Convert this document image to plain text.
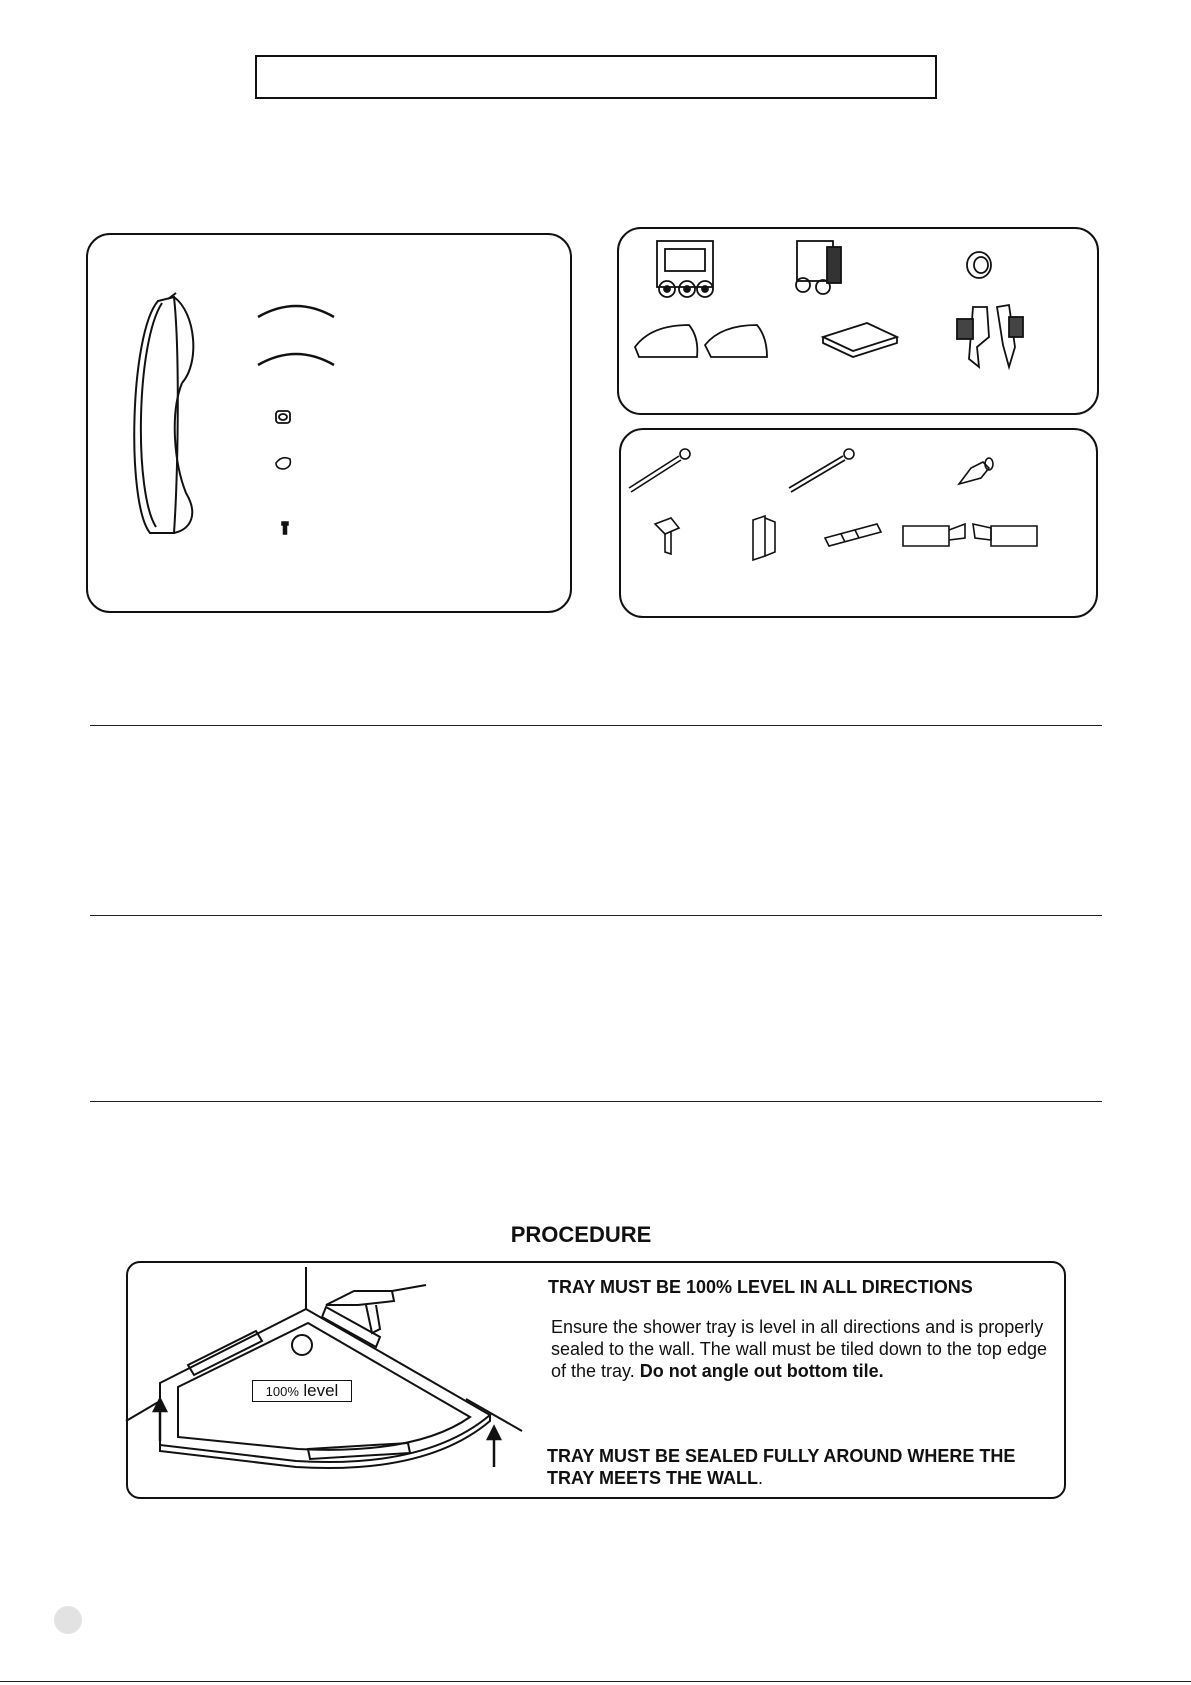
PROCEDURE
100% level
TRAY MUST BE 100% LEVEL IN ALL DIRECTIONS
Ensure the shower tray is level in all directions and is properly sealed to the wall. The wall must be tiled down to the top edge of the tray. Do not angle out bottom tile.
TRAY MUST BE SEALED FULLY AROUND WHERE THE TRAY MEETS THE WALL.
